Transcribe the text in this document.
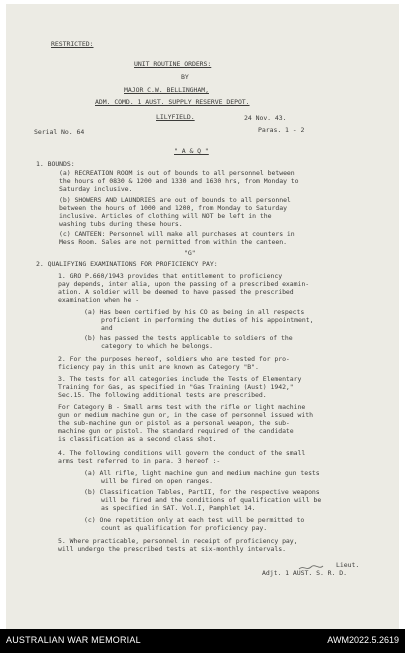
RESTRICTED:
UNIT ROUTINE ORDERS:
BY
MAJOR C.W. BELLINGHAM,
ADM. COMD. 1 AUST. SUPPLY RESERVE DEPOT.
LILYFIELD.	24 Nov. 43.
Serial No. 64	Paras. 1 - 2
" A & Q "
1. BOUNDS:
(a) RECREATION ROOM is out of bounds to all personnel between
the hours of 0830 & 1200 and 1330 and 1630 hrs, from Monday to
Saturday inclusive.
(b) SHOWERS AND LAUNDRIES are out of bounds to all personnel
between the hours of 1000 and 1200, from Monday to Saturday
inclusive. Articles of clothing will NOT be left in the
washing tubs during these hours.
(c) CANTEEN: Personnel will make all purchases at counters in
Mess Room. Sales are not permitted from within the canteen.
"G"
2. QUALIFYING EXAMINATIONS FOR PROFICIENCY PAY:
1. GRO P.660/1943 provides that entitlement to proficiency
pay depends, inter alia, upon the passing of a prescribed examin-
ation. A soldier will be deemed to have passed the prescribed
examination when he -
(a) Has been certified by his CO as being in all respects
proficient in performing the duties of his appointment,
and
(b) has passed the tests applicable to soldiers of the
category to which he belongs.
2. For the purposes hereof, soldiers who are tested for pro-
ficiency pay in this unit are known as Category "B".
3. The tests for all categories include the Tests of Elementary
Training for Gas, as specified in "Gas Training (Aust) 1942,"
Sec.15. The following additional tests are prescribed.
For Category B - Small arms test with the rifle or light machine
gun or medium machine gun or, in the case of personnel issued with
the sub-machine gun or pistol as a personal weapon, the sub-
machine gun or pistol. The standard required of the candidate
is classification as a second class shot.
4. The following conditions will govern the conduct of the small
arms test referred to in para. 3 hereof :-
(a) All rifle, light machine gun and medium machine gun tests
will be fired on open ranges.
(b) Classification Tables, PartII, for the respective weapons
will be fired and the conditions of qualification will be
as specified in SAT. Vol.I, Pamphlet 14.
(c) One repetition only at each test will be permitted to
count as qualification for proficiency pay.
5. Where practicable, personnel in receipt of proficiency pay,
will undergo the prescribed tests at six-monthly intervals.
Lieut.
Adjt. 1 AUST. S. R. D.
AUSTRALIAN WAR MEMORIAL	AWM2022.5.2619
